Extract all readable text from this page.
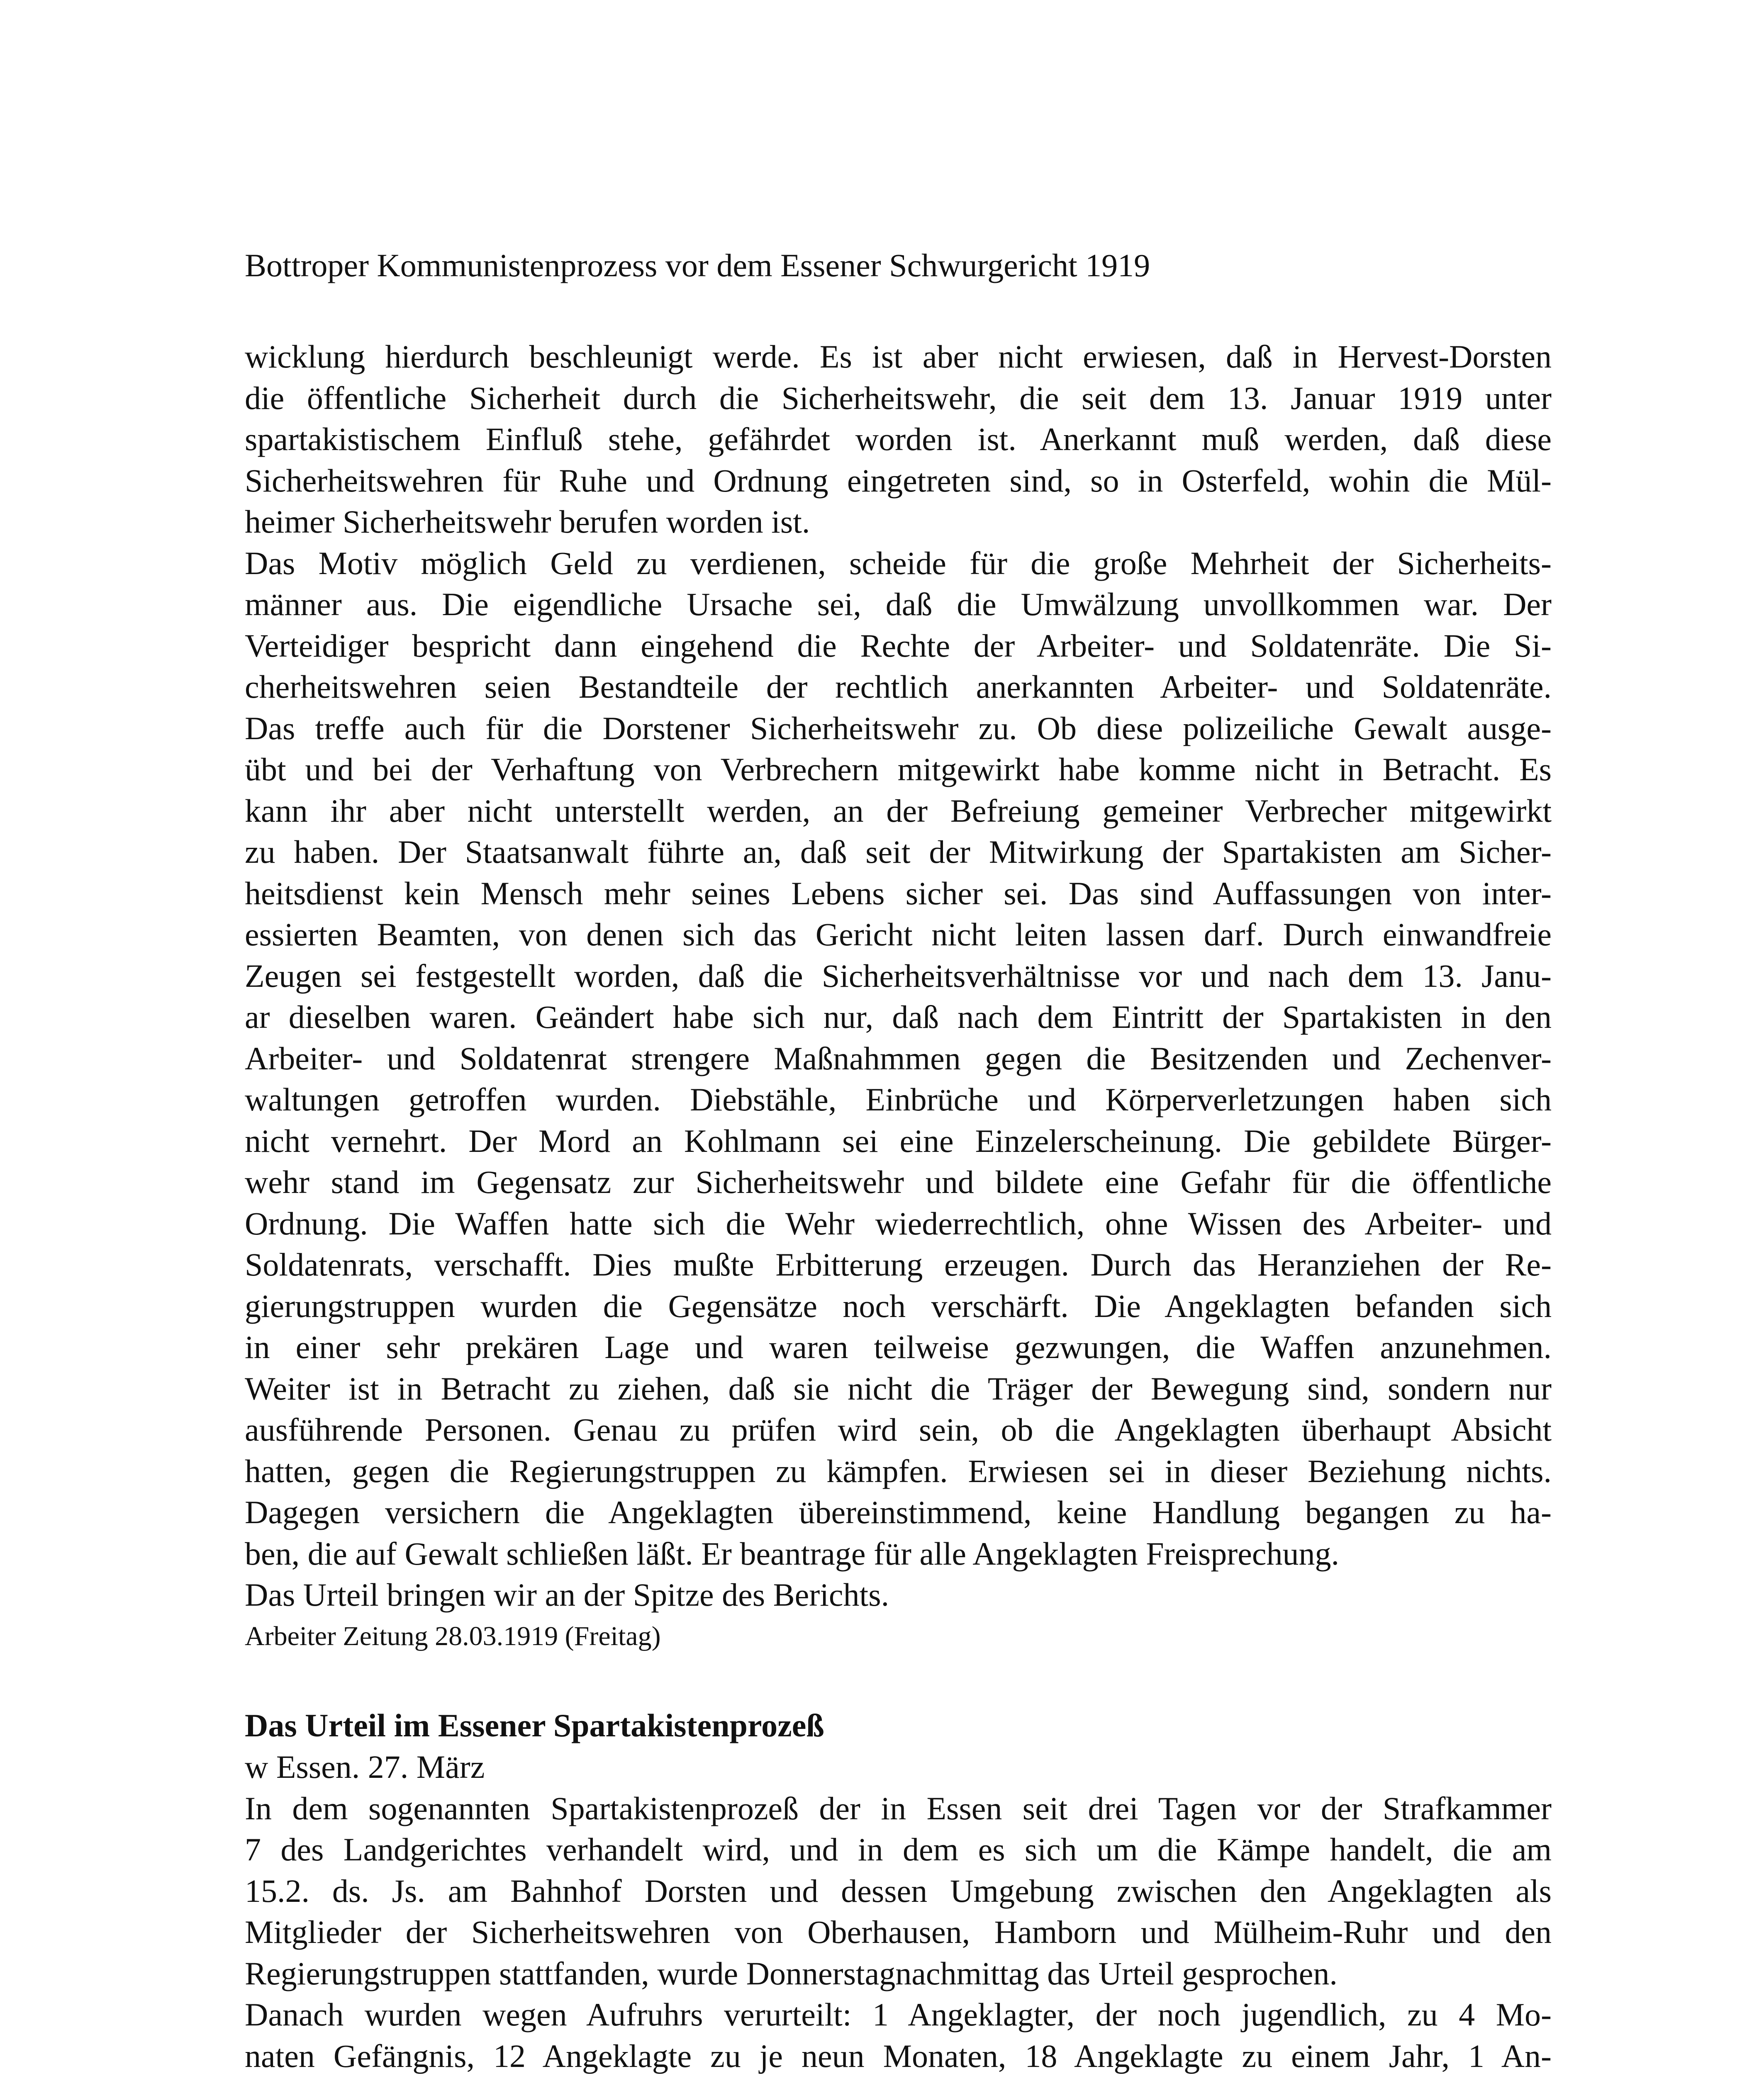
Bottroper Kommunistenprozess vor dem Essener Schwurgericht 1919
wicklung hierdurch beschleunigt werde. Es ist aber nicht erwiesen, daß in Hervest-Dorsten
die öffentliche Sicherheit durch die Sicherheitswehr, die seit dem 13. Januar 1919 unter
spartakistischem Einfluß stehe, gefährdet worden ist. Anerkannt muß werden, daß diese
Sicherheitswehren für Ruhe und Ordnung eingetreten sind, so in Osterfeld, wohin die Mül-
heimer Sicherheitswehr berufen worden ist.
Das Motiv möglich Geld zu verdienen, scheide für die große Mehrheit der Sicherheits-
männer aus. Die eigendliche Ursache sei, daß die Umwälzung unvollkommen war. Der
Verteidiger bespricht dann eingehend die Rechte der Arbeiter- und Soldatenräte. Die Si-
cherheitswehren seien Bestandteile der rechtlich anerkannten Arbeiter- und Soldatenräte.
Das treffe auch für die Dorstener Sicherheitswehr zu. Ob diese polizeiliche Gewalt ausge-
übt und bei der Verhaftung von Verbrechern mitgewirkt habe komme nicht in Betracht. Es
kann ihr aber nicht unterstellt werden, an der Befreiung gemeiner Verbrecher mitgewirkt
zu haben. Der Staatsanwalt führte an, daß seit der Mitwirkung der Spartakisten am Sicher-
heitsdienst kein Mensch mehr seines Lebens sicher sei. Das sind Auffassungen von inter-
essierten Beamten, von denen sich das Gericht nicht leiten lassen darf. Durch einwandfreie
Zeugen sei festgestellt worden, daß die Sicherheitsverhältnisse vor und nach dem 13. Janu-
ar dieselben waren. Geändert habe sich nur, daß nach dem Eintritt der Spartakisten in den
Arbeiter- und Soldatenrat strengere Maßnahmmen gegen die Besitzenden und Zechenver-
waltungen getroffen wurden. Diebstähle, Einbrüche und Körperverletzungen haben sich
nicht vernehrt. Der Mord an Kohlmann sei eine Einzelerscheinung. Die gebildete Bürger-
wehr stand im Gegensatz zur Sicherheitswehr und bildete eine Gefahr für die öffentliche
Ordnung. Die Waffen hatte sich die Wehr wiederrechtlich, ohne Wissen des Arbeiter- und
Soldatenrats, verschafft. Dies mußte Erbitterung erzeugen. Durch das Heranziehen der Re-
gierungstruppen wurden die Gegensätze noch verschärft. Die Angeklagten befanden sich
in einer sehr prekären Lage und waren teilweise gezwungen, die Waffen anzunehmen.
Weiter ist in Betracht zu ziehen, daß sie nicht die Träger der Bewegung sind, sondern nur
ausführende Personen. Genau zu prüfen wird sein, ob die Angeklagten überhaupt Absicht
hatten, gegen die Regierungstruppen zu kämpfen. Erwiesen sei in dieser Beziehung nichts.
Dagegen versichern die Angeklagten übereinstimmend, keine Handlung begangen zu ha-
ben, die auf Gewalt schließen läßt. Er beantrage für alle Angeklagten Freisprechung.
Das Urteil bringen wir an der Spitze des Berichts.

Arbeiter Zeitung 28.03.1919 (Freitag)

Das Urteil im Essener Spartakistenprozeß

w Essen. 27. März

In dem sogenannten Spartakistenprozeß der in Essen seit drei Tagen vor der Strafkammer
7 des Landgerichtes verhandelt wird, und in dem es sich um die Kämpe handelt, die am
15.2. ds. Js. am Bahnhof Dorsten und dessen Umgebung zwischen den Angeklagten als
Mitglieder der Sicherheitswehren von Oberhausen, Hamborn und Mülheim-Ruhr und den
Regierungstruppen stattfanden, wurde Donnerstagnachmittag das Urteil gesprochen.
Danach wurden wegen Aufruhrs verurteilt: 1 Angeklagter, der noch jugendlich, zu 4 Mo-
naten Gefängnis, 12 Angeklagte zu je neun Monaten, 18 Angeklagte zu einem Jahr, 1 An-
